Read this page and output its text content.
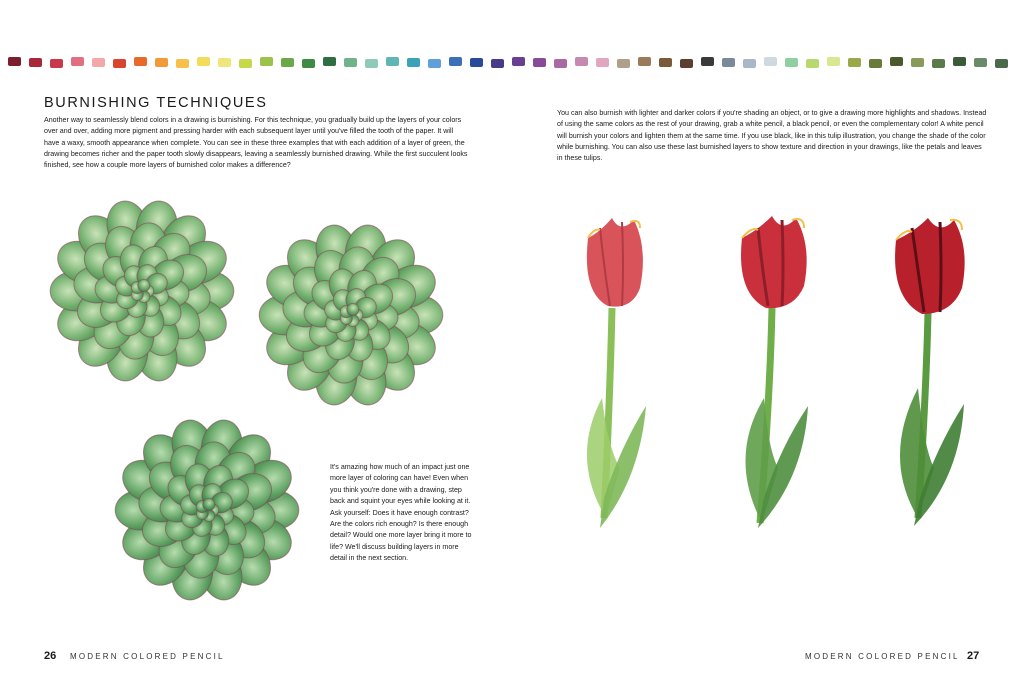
BURNISHING TECHNIQUES

Another way to seamlessly blend colors in a drawing is burnishing. For this technique, you gradually build up the layers of your colors over and over, adding more pigment and pressing harder with each subsequent layer until you've filled the tooth of the paper. It will have a waxy, smooth appearance when complete. You can see in these three examples that with each addition of a layer of green, the drawing becomes richer and the paper tooth slowly disappears, leaving a seamlessly burnished drawing. While the first succulent looks finished, see how a couple more layers of burnished color makes a difference?

It's amazing how much of an impact just one more layer of coloring can have! Even when you think you're done with a drawing, step back and squint your eyes while looking at it. Ask yourself: Does it have enough contrast? Are the colors rich enough? Is there enough detail? Would one more layer bring it more to life? We'll discuss building layers in more detail in the next section.

You can also burnish with lighter and darker colors if you're shading an object, or to give a drawing more highlights and shadows. Instead of using the same colors as the rest of your drawing, grab a white pencil, a black pencil, or even the complementary color! A white pencil will burnish your colors and lighten them at the same time. If you use black, like in this tulip illustration, you change the shade of the color while burnishing. You can also use these last burnished layers to show texture and direction in your drawings, like the petals and leaves in these tulips.

26 MODERN COLORED PENCIL	MODERN COLORED PENCIL 27
